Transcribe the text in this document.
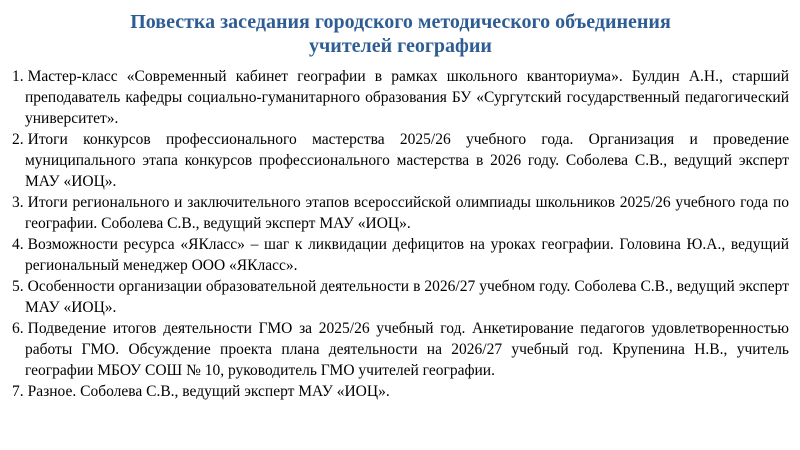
Повестка заседания городского методического объединения
учителей географии
1. Мастер-класс «Современный кабинет географии в рамках школьного кванториума». Булдин А.Н., старший преподаватель кафедры социально-гуманитарного образования БУ «Сургутский государственный педагогический университет».
2. Итоги конкурсов профессионального мастерства 2025/26 учебного года. Организация и проведение муниципального этапа конкурсов профессионального мастерства в 2026 году. Соболева С.В., ведущий эксперт МАУ «ИОЦ».
3. Итоги регионального и заключительного этапов всероссийской олимпиады школьников 2025/26 учебного года по географии. Соболева С.В., ведущий эксперт МАУ «ИОЦ».
4. Возможности ресурса «ЯКласс» – шаг к ликвидации дефицитов на уроках географии. Головина Ю.А., ведущий региональный менеджер ООО «ЯКласс».
5. Особенности организации образовательной деятельности в 2026/27 учебном году. Соболева С.В., ведущий эксперт МАУ «ИОЦ».
6. Подведение итогов деятельности ГМО за 2025/26 учебный год. Анкетирование педагогов удовлетворенностью работы ГМО. Обсуждение проекта плана деятельности на 2026/27 учебный год. Крупенина Н.В., учитель географии МБОУ СОШ № 10, руководитель ГМО учителей географии.
7. Разное. Соболева С.В., ведущий эксперт МАУ «ИОЦ».
